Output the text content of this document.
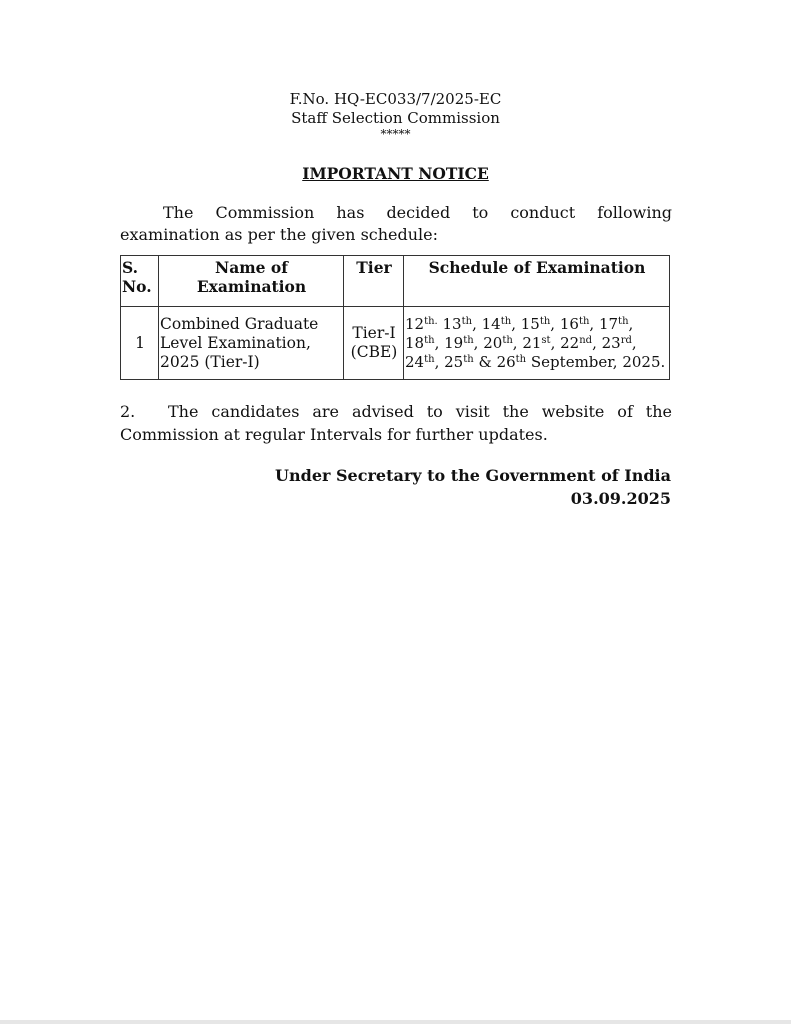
F.No. HQ-EC033/7/2025-EC
Staff Selection Commission
*****
IMPORTANT NOTICE
The Commission has decided to conduct following examination as per the given schedule:
S. No.	Name of Examination	Tier	Schedule of Examination
1	Combined Graduate Level Examination, 2025 (Tier-I)	Tier-I (CBE)	$12^{th.}$ 13th, 14th, 15th, 16th, 17th, 18th, 19th, 20th, 21st, 22nd, 23rd, 24th, 25th & 26th September, 2025.
2. The candidates are advised to visit the website of the Commission at regular Intervals for further updates.
Under Secretary to the Government of India
03.09.2025
